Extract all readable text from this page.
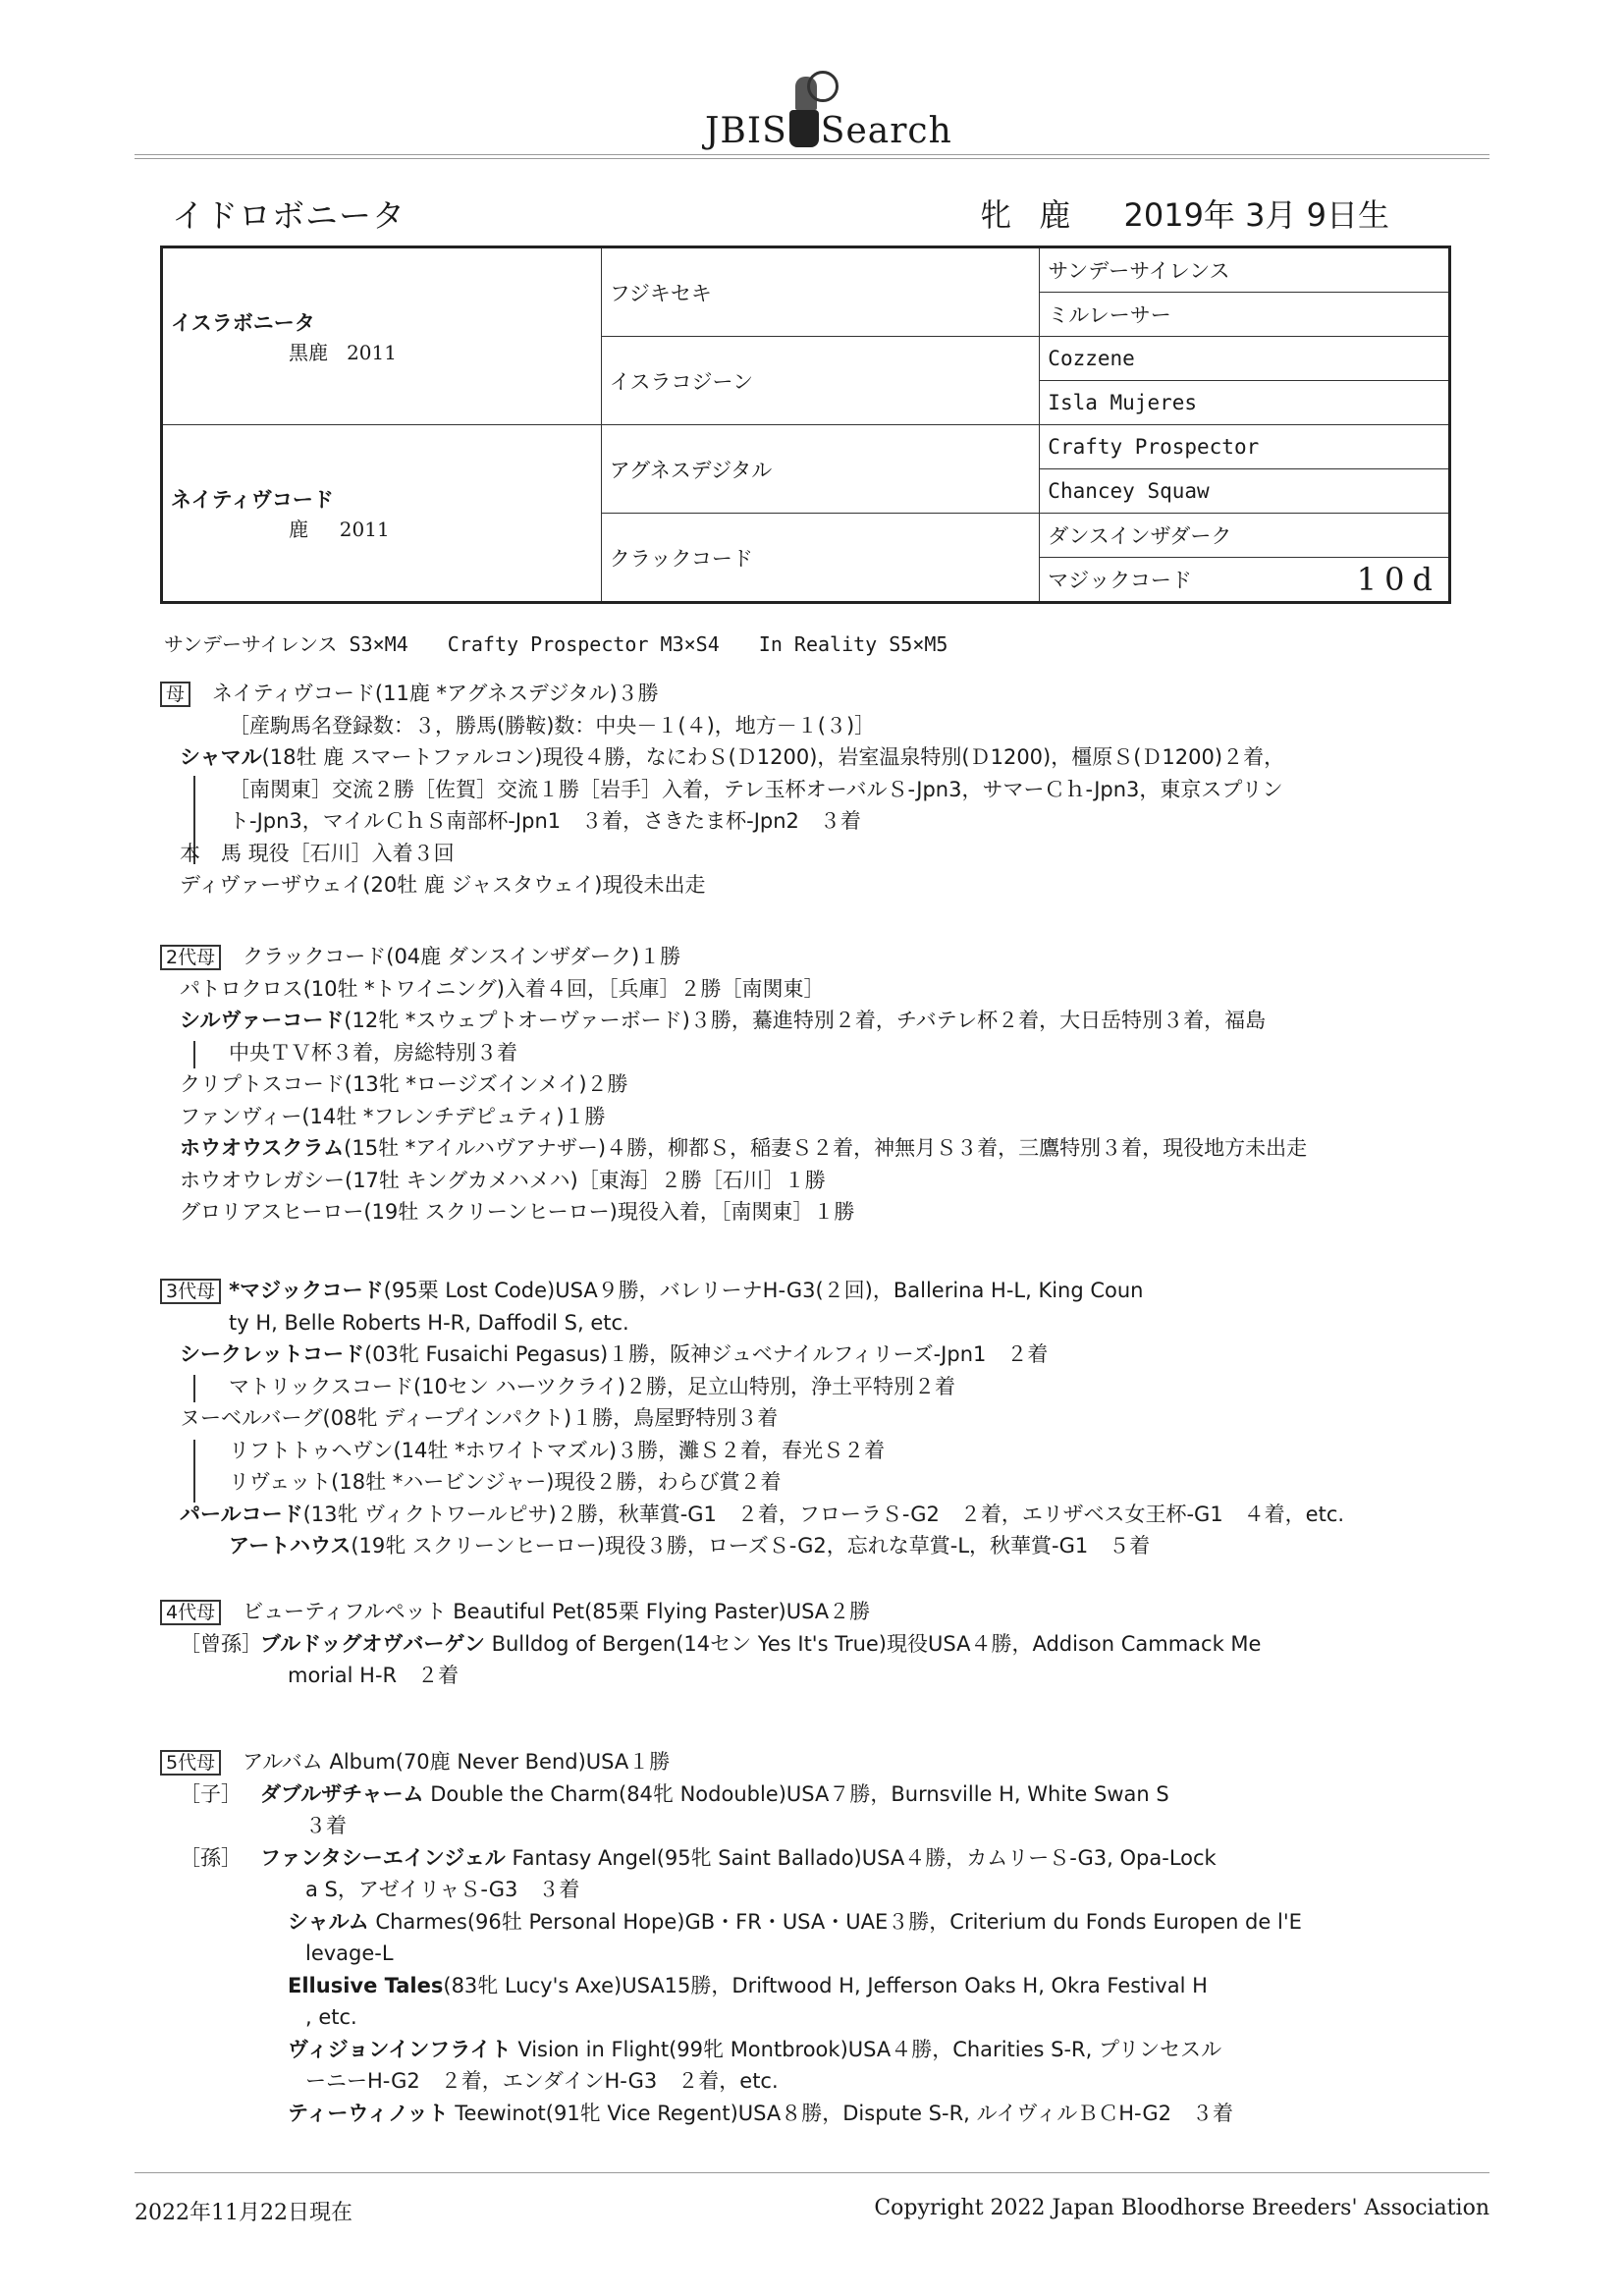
JBIS Search
イドロボニータ	牝 鹿 2019年 3月 9日生
イスラボニータ
黒鹿 2011	フジキセキ	サンデーサイレンス
		ミルレーサー
	イスラコジーン	Cozzene
		Isla Mujeres

ネイティヴコード
鹿 2011	アグネスデジタル	Crafty Prospector
		Chancey Squaw
	クラックコード	ダンスインザダーク

		マジックコード 10d
サンデーサイレンス S3×M4 Crafty Prospector M3×S4 In Reality S5×M5
母 ネイティヴコード(11鹿 *アグネスデジタル)３勝
［産駒馬名登録数：３，勝馬(勝鞍)数：中央－１(４)，地方－１(３)］
シャマル(18牡 鹿 スマートファルコン)現役４勝，なにわＳ(Ｄ1200)，岩室温泉特別(Ｄ1200)，橿原Ｓ(Ｄ1200)２着，
［南関東］交流２勝［佐賀］交流１勝［岩手］入着，テレ玉杯オーバルＳ-Jpn3，サマーＣｈ-Jpn3，東京スプリン
ト-Jpn3，マイルＣｈＳ南部杯-Jpn1　３着，さきたま杯-Jpn2　３着
本　馬 現役［石川］入着３回
ディヴァーザウェイ(20牡 鹿 ジャスタウェイ)現役未出走
2代母 クラックコード(04鹿 ダンスインザダーク)１勝
パトロクロス(10牡 *トワイニング)入着４回，［兵庫］２勝［南関東］
シルヴァーコード(12牝 *スウェプトオーヴァーボード)３勝，驀進特別２着，チバテレ杯２着，大日岳特別３着，福島
中央ＴＶ杯３着，房総特別３着
クリプトスコード(13牝 *ロージズインメイ)２勝
ファンヴィー(14牡 *フレンチデピュティ)１勝
ホウオウスクラム(15牡 *アイルハヴアナザー)４勝，柳都Ｓ，稲妻Ｓ２着，神無月Ｓ３着，三鷹特別３着，現役地方未出走
ホウオウレガシー(17牡 キングカメハメハ)［東海］２勝［石川］１勝
グロリアスヒーロー(19牡 スクリーンヒーロー)現役入着，［南関東］１勝
3代母 *マジックコード(95栗 Lost Code)USA９勝，バレリーナH-G3(２回)，Ballerina H-L, King Coun
ty H, Belle Roberts H-R, Daffodil S, etc.
シークレットコード(03牝 Fusaichi Pegasus)１勝，阪神ジュベナイルフィリーズ-Jpn1　２着
マトリックスコード(10セン ハーツクライ)２勝，足立山特別，浄土平特別２着
ヌーベルバーグ(08牝 ディープインパクト)１勝，鳥屋野特別３着
リフトトゥヘヴン(14牡 *ホワイトマズル)３勝，灘Ｓ２着，春光Ｓ２着
リヴェット(18牡 *ハービンジャー)現役２勝，わらび賞２着
パールコード(13牝 ヴィクトワールピサ)２勝，秋華賞-G1　２着，フローラＳ-G2　２着，エリザベス女王杯-G1　４着，etc.
アートハウス(19牝 スクリーンヒーロー)現役３勝，ローズＳ-G2，忘れな草賞-L，秋華賞-G1　５着
4代母 ビューティフルペット Beautiful Pet(85栗 Flying Paster)USA２勝
［曾孫］ブルドッグオヴバーゲン Bulldog of Bergen(14セン Yes It's True)現役USA４勝，Addison Cammack Me
morial H-R　２着
5代母 アルバム Album(70鹿 Never Bend)USA１勝
［子］ ダブルザチャーム Double the Charm(84牝 Nodouble)USA７勝，Burnsville H, White Swan S
３着
［孫］ ファンタシーエインジェル Fantasy Angel(95牝 Saint Ballado)USA４勝，カムリーＳ-G3, Opa-Lock
a S，アゼイリャＳ-G3　３着
シャルム Charmes(96牡 Personal Hope)GB・FR・USA・UAE３勝，Criterium du Fonds Europen de l'E
levage-L
Ellusive Tales(83牝 Lucy's Axe)USA15勝，Driftwood H, Jefferson Oaks H, Okra Festival H
, etc.
ヴィジョンインフライト Vision in Flight(99牝 Montbrook)USA４勝，Charities S-R, プリンセスル
ーニーH-G2　２着，エンダインH-G3　２着，etc.
ティーウィノット Teewinot(91牝 Vice Regent)USA８勝，Dispute S-R, ルイヴィルＢＣH-G2　３着
2022年11月22日現在	Copyright 2022 Japan Bloodhorse Breeders' Association
